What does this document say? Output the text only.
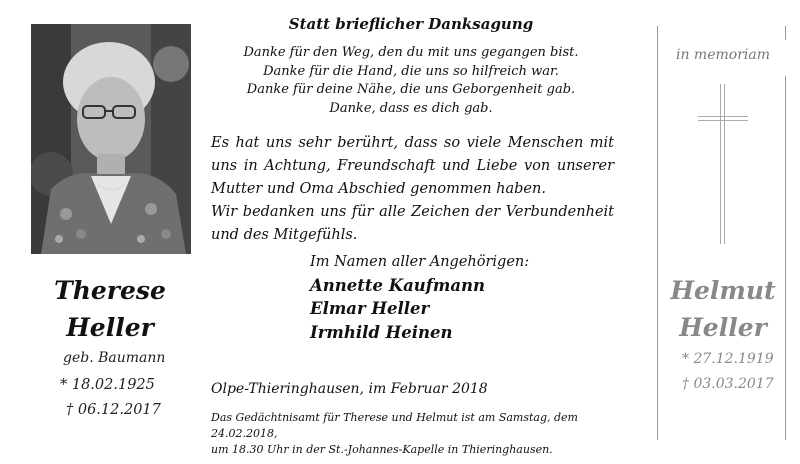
Therese
Heller
geb. Baumann
* 18.02.1925
† 06.12.2017
Statt brieflicher Danksagung
Danke für den Weg, den du mit uns gegangen bist.
Danke für die Hand, die uns so hilfreich war.
Danke für deine Nähe, die uns Geborgenheit gab.
Danke, dass es dich gab.

Es hat uns sehr berührt, dass so viele Menschen mit uns in Achtung, Freundschaft und Liebe von unserer Mutter und Oma Abschied genommen haben.

Wir bedanken uns für alle Zeichen der Verbundenheit und des Mitgefühls.

Im Namen aller Angehörigen:
Annette Kaufmann
Elmar Heller
Irmhild Heinen
Olpe-Thieringhausen, im Februar 2018
Das Gedächtnisamt für Therese und Helmut ist am Samstag, dem 24.02.2018,
um 18.30 Uhr in der St.-Johannes-Kapelle in Thieringhausen.
in memoriam
Helmut
Heller
* 27.12.1919
† 03.03.2017
